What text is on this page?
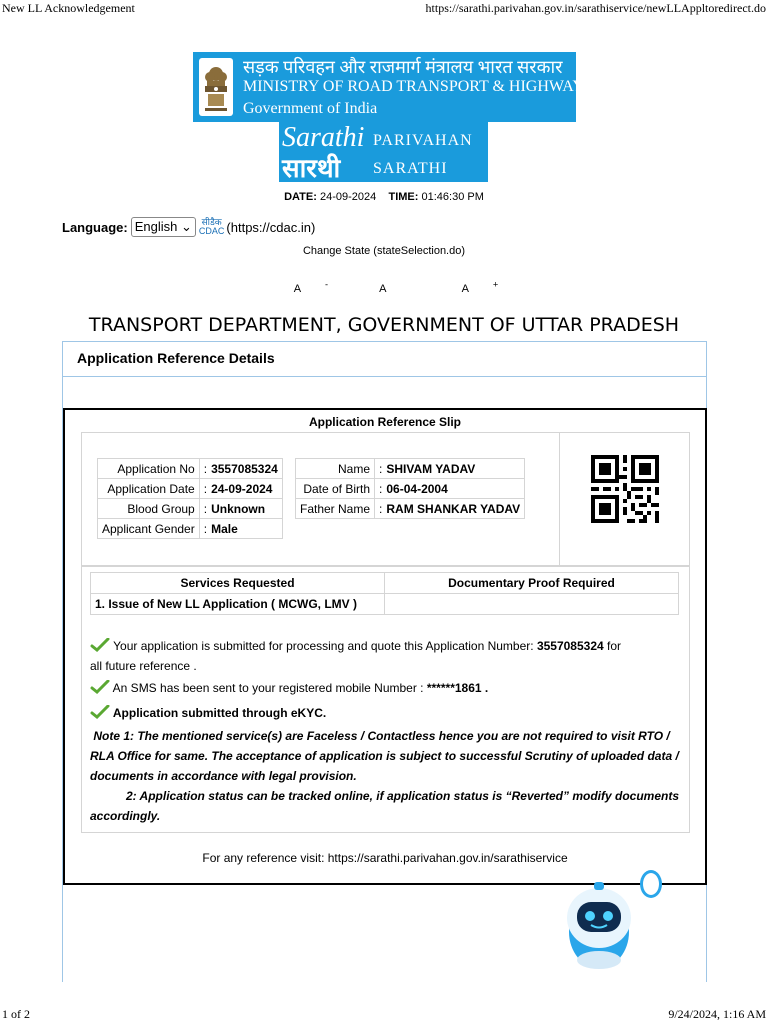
New LL Acknowledgement	https://sarathi.parivahan.gov.in/sarathiservice/newLLAppltoredirect.do
सड़क परिवहन और राजमार्ग मंत्रालय भारत सरकार
MINISTRY OF ROAD TRANSPORT & HIGHWAYS
Government of India
Sarathi
सारथी
PARIVAHAN
SARATHI
DATE: 24-09-2024 TIME: 01:46:30 PM
Language: English ⌄	सीडैक
CDAC (https://cdac.in)
Change State (stateSelection.do)
A	-	A	A	+
TRANSPORT DEPARTMENT, GOVERNMENT OF UTTAR PRADESH
Application Reference Details
Application Reference Slip
Application No	:	3557085324
Application Date	:	24-09-2024
Blood Group	:	Unknown
Applicant Gender	:	Male
Name	:	SHIVAM YADAV
Date of Birth	:	06-04-2004
Father Name	:	RAM SHANKAR YADAV
Services Requested	Documentary Proof Required
1. Issue of New LL Application ( MCWG, LMV )	
Your application is submitted for processing and quote this Application Number: 3557085324 for
all future reference .
An SMS has been sent to your registered mobile Number : ******1861 .
Application submitted through eKYC.
Note 1: The mentioned service(s) are Faceless / Contactless hence you are not required to visit RTO / RLA Office for same. The acceptance of application is subject to successful Scrutiny of uploaded data / documents in accordance with legal provision.
2: Application status can be tracked online, if application status is “Reverted” modify documents accordingly.
For any reference visit: https://sarathi.parivahan.gov.in/sarathiservice
1 of 2	9/24/2024, 1:16 AM
